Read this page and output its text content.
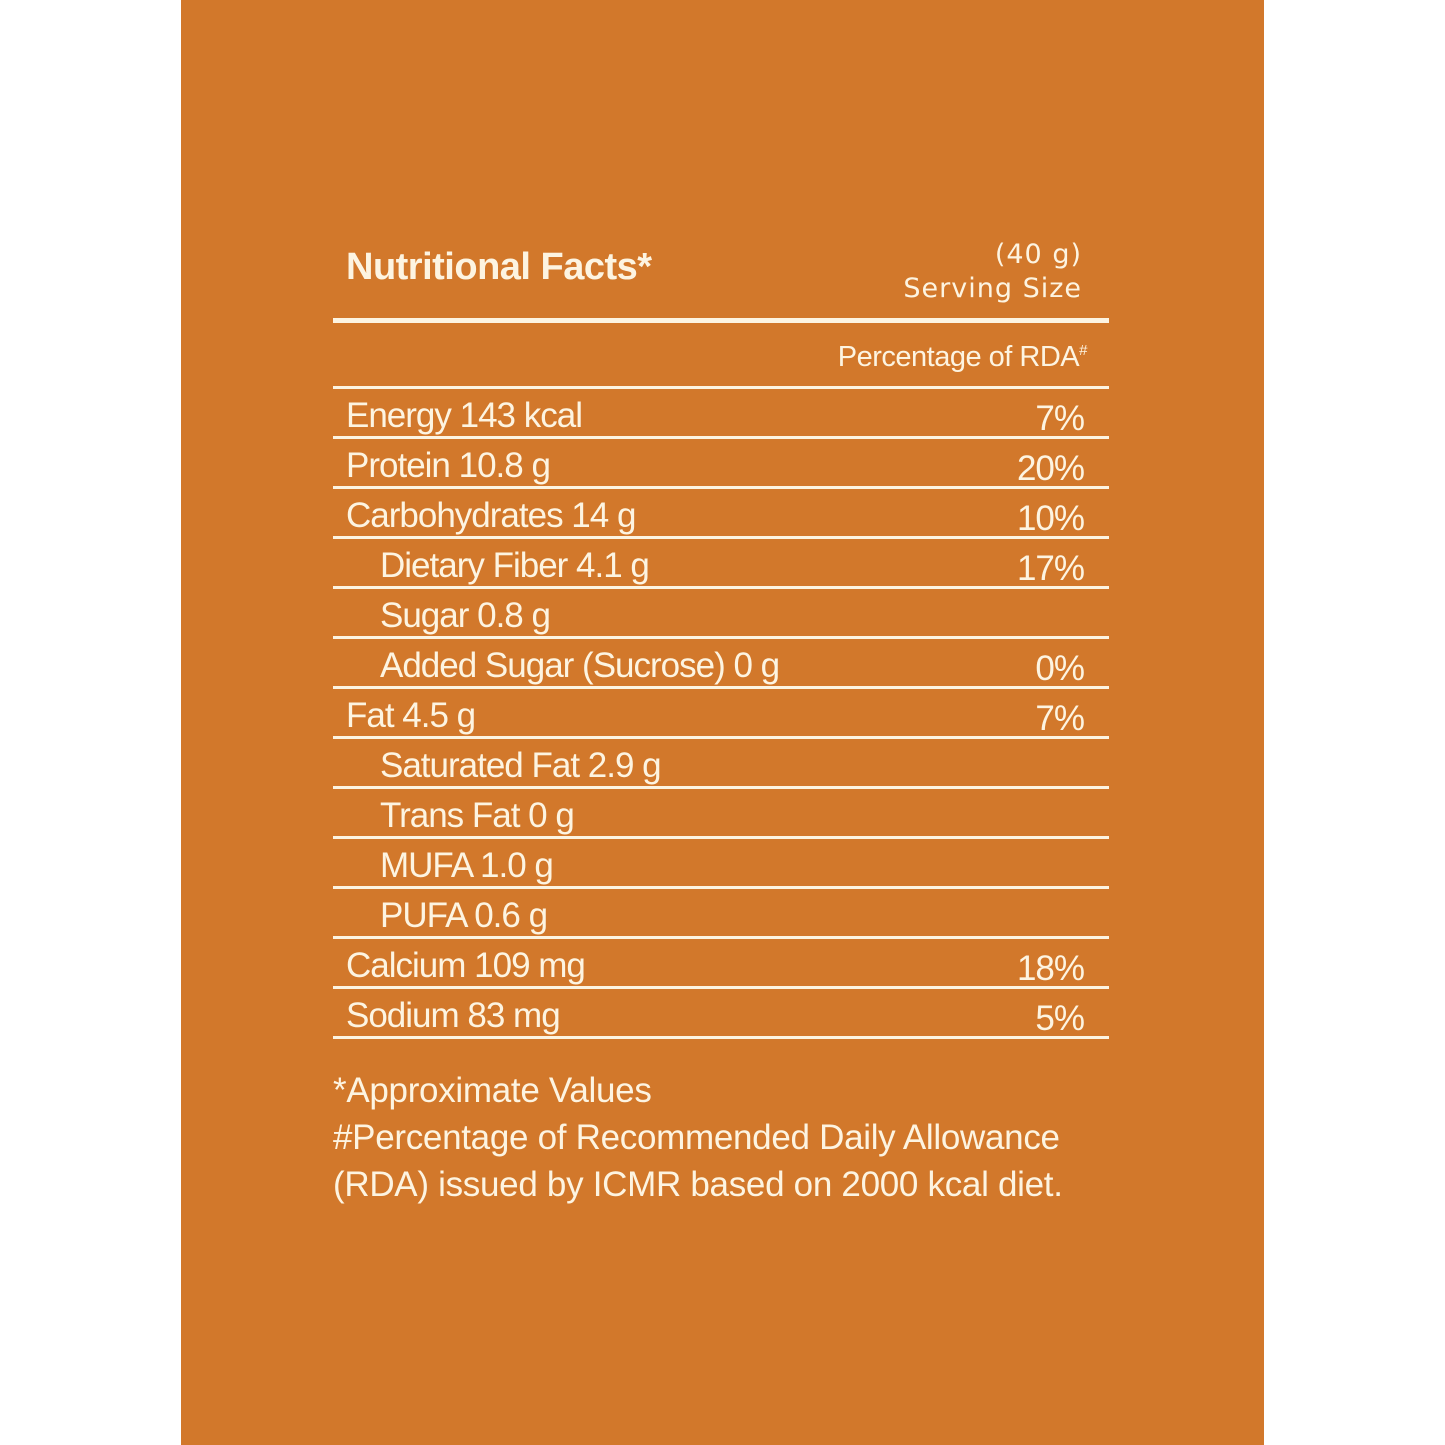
Nutritional Facts*	(40 g)
Serving Size
Percentage of RDA#
Energy 143 kcal	7%
Protein 10.8 g	20%
Carbohydrates 14 g	10%
Dietary Fiber 4.1 g	17%
Sugar 0.8 g
Added Sugar (Sucrose) 0 g	0%
Fat 4.5 g	7%
Saturated Fat 2.9 g
Trans Fat 0 g
MUFA 1.0 g
PUFA 0.6 g
Calcium 109 mg	18%
Sodium 83 mg	5%
*Approximate Values
#Percentage of Recommended Daily Allowance
(RDA) issued by ICMR based on 2000 kcal diet.
